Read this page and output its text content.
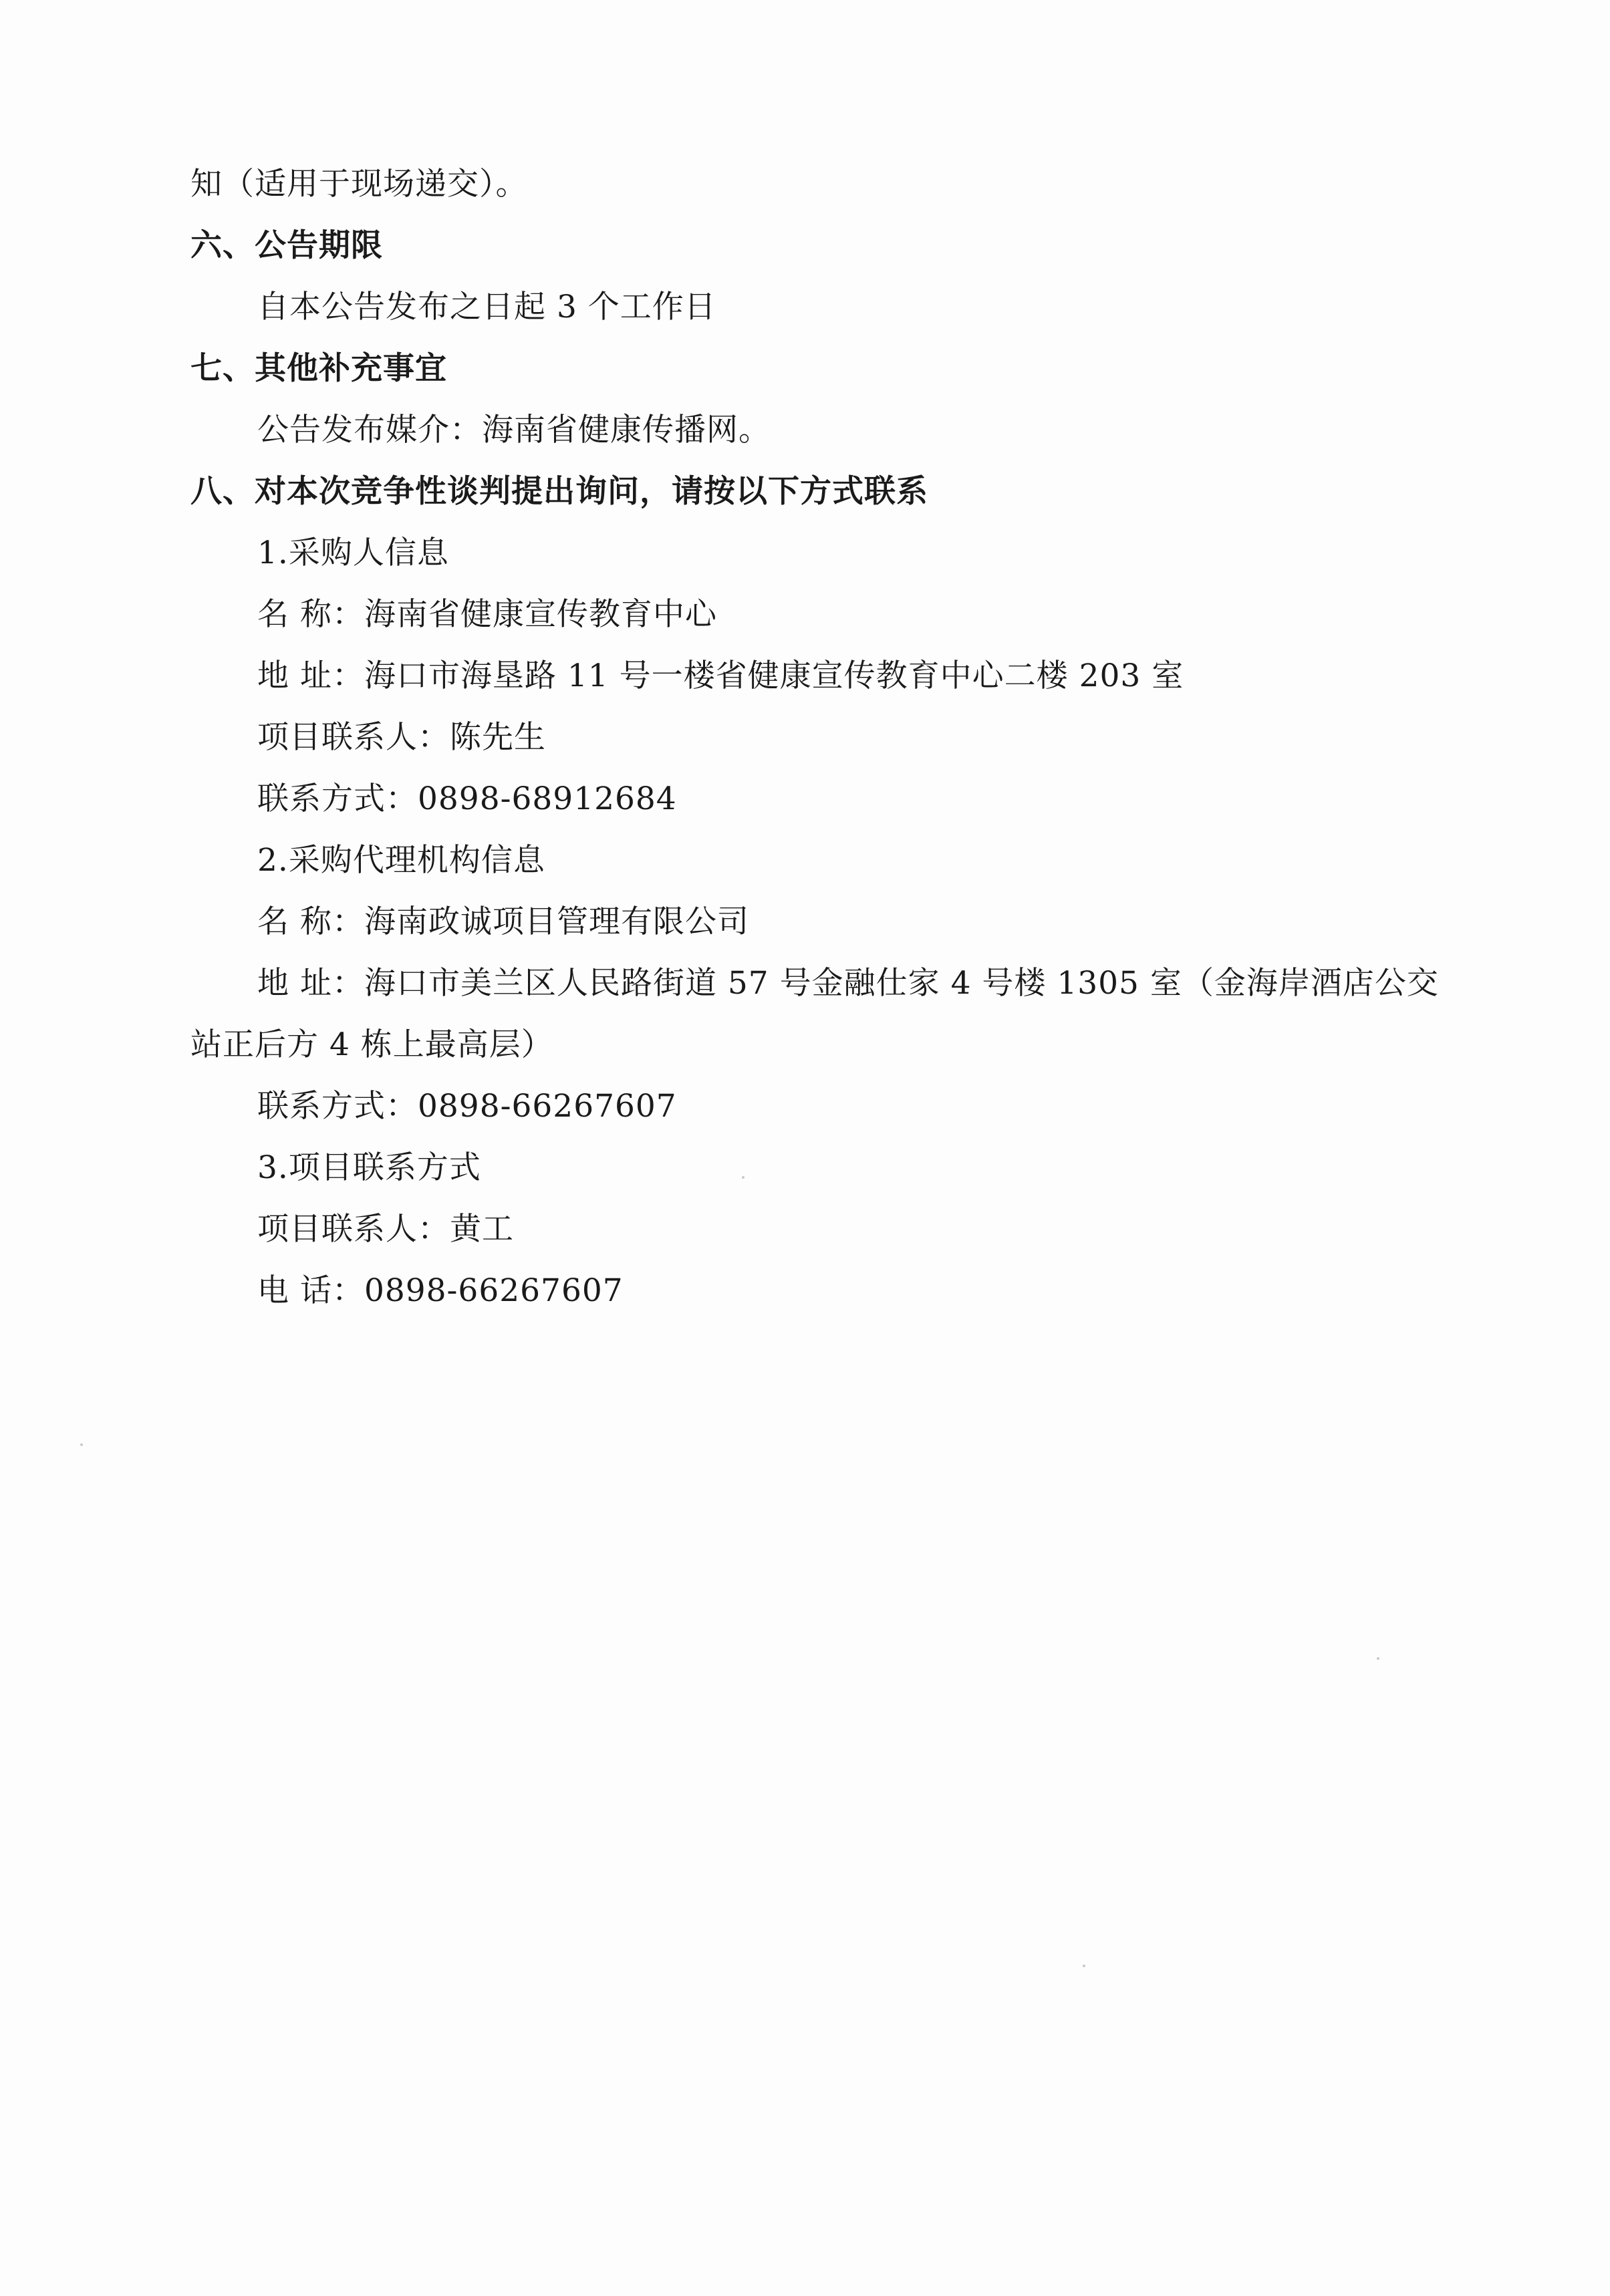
知（适用于现场递交）。

六、公告期限

自本公告发布之日起 3 个工作日

七、其他补充事宜

公告发布媒介：海南省健康传播网。

八、对本次竞争性谈判提出询问，请按以下方式联系

1.采购人信息

名 称：海南省健康宣传教育中心

地 址：海口市海垦路 11 号一楼省健康宣传教育中心二楼 203 室

项目联系人：陈先生

联系方式：0898-68912684

2.采购代理机构信息

名 称：海南政诚项目管理有限公司

地 址：海口市美兰区人民路街道 57 号金融仕家 4 号楼 1305 室（金海岸酒店公交站正后方 4 栋上最高层）

联系方式：0898-66267607

3.项目联系方式

项目联系人：黄工

电 话：0898-66267607
